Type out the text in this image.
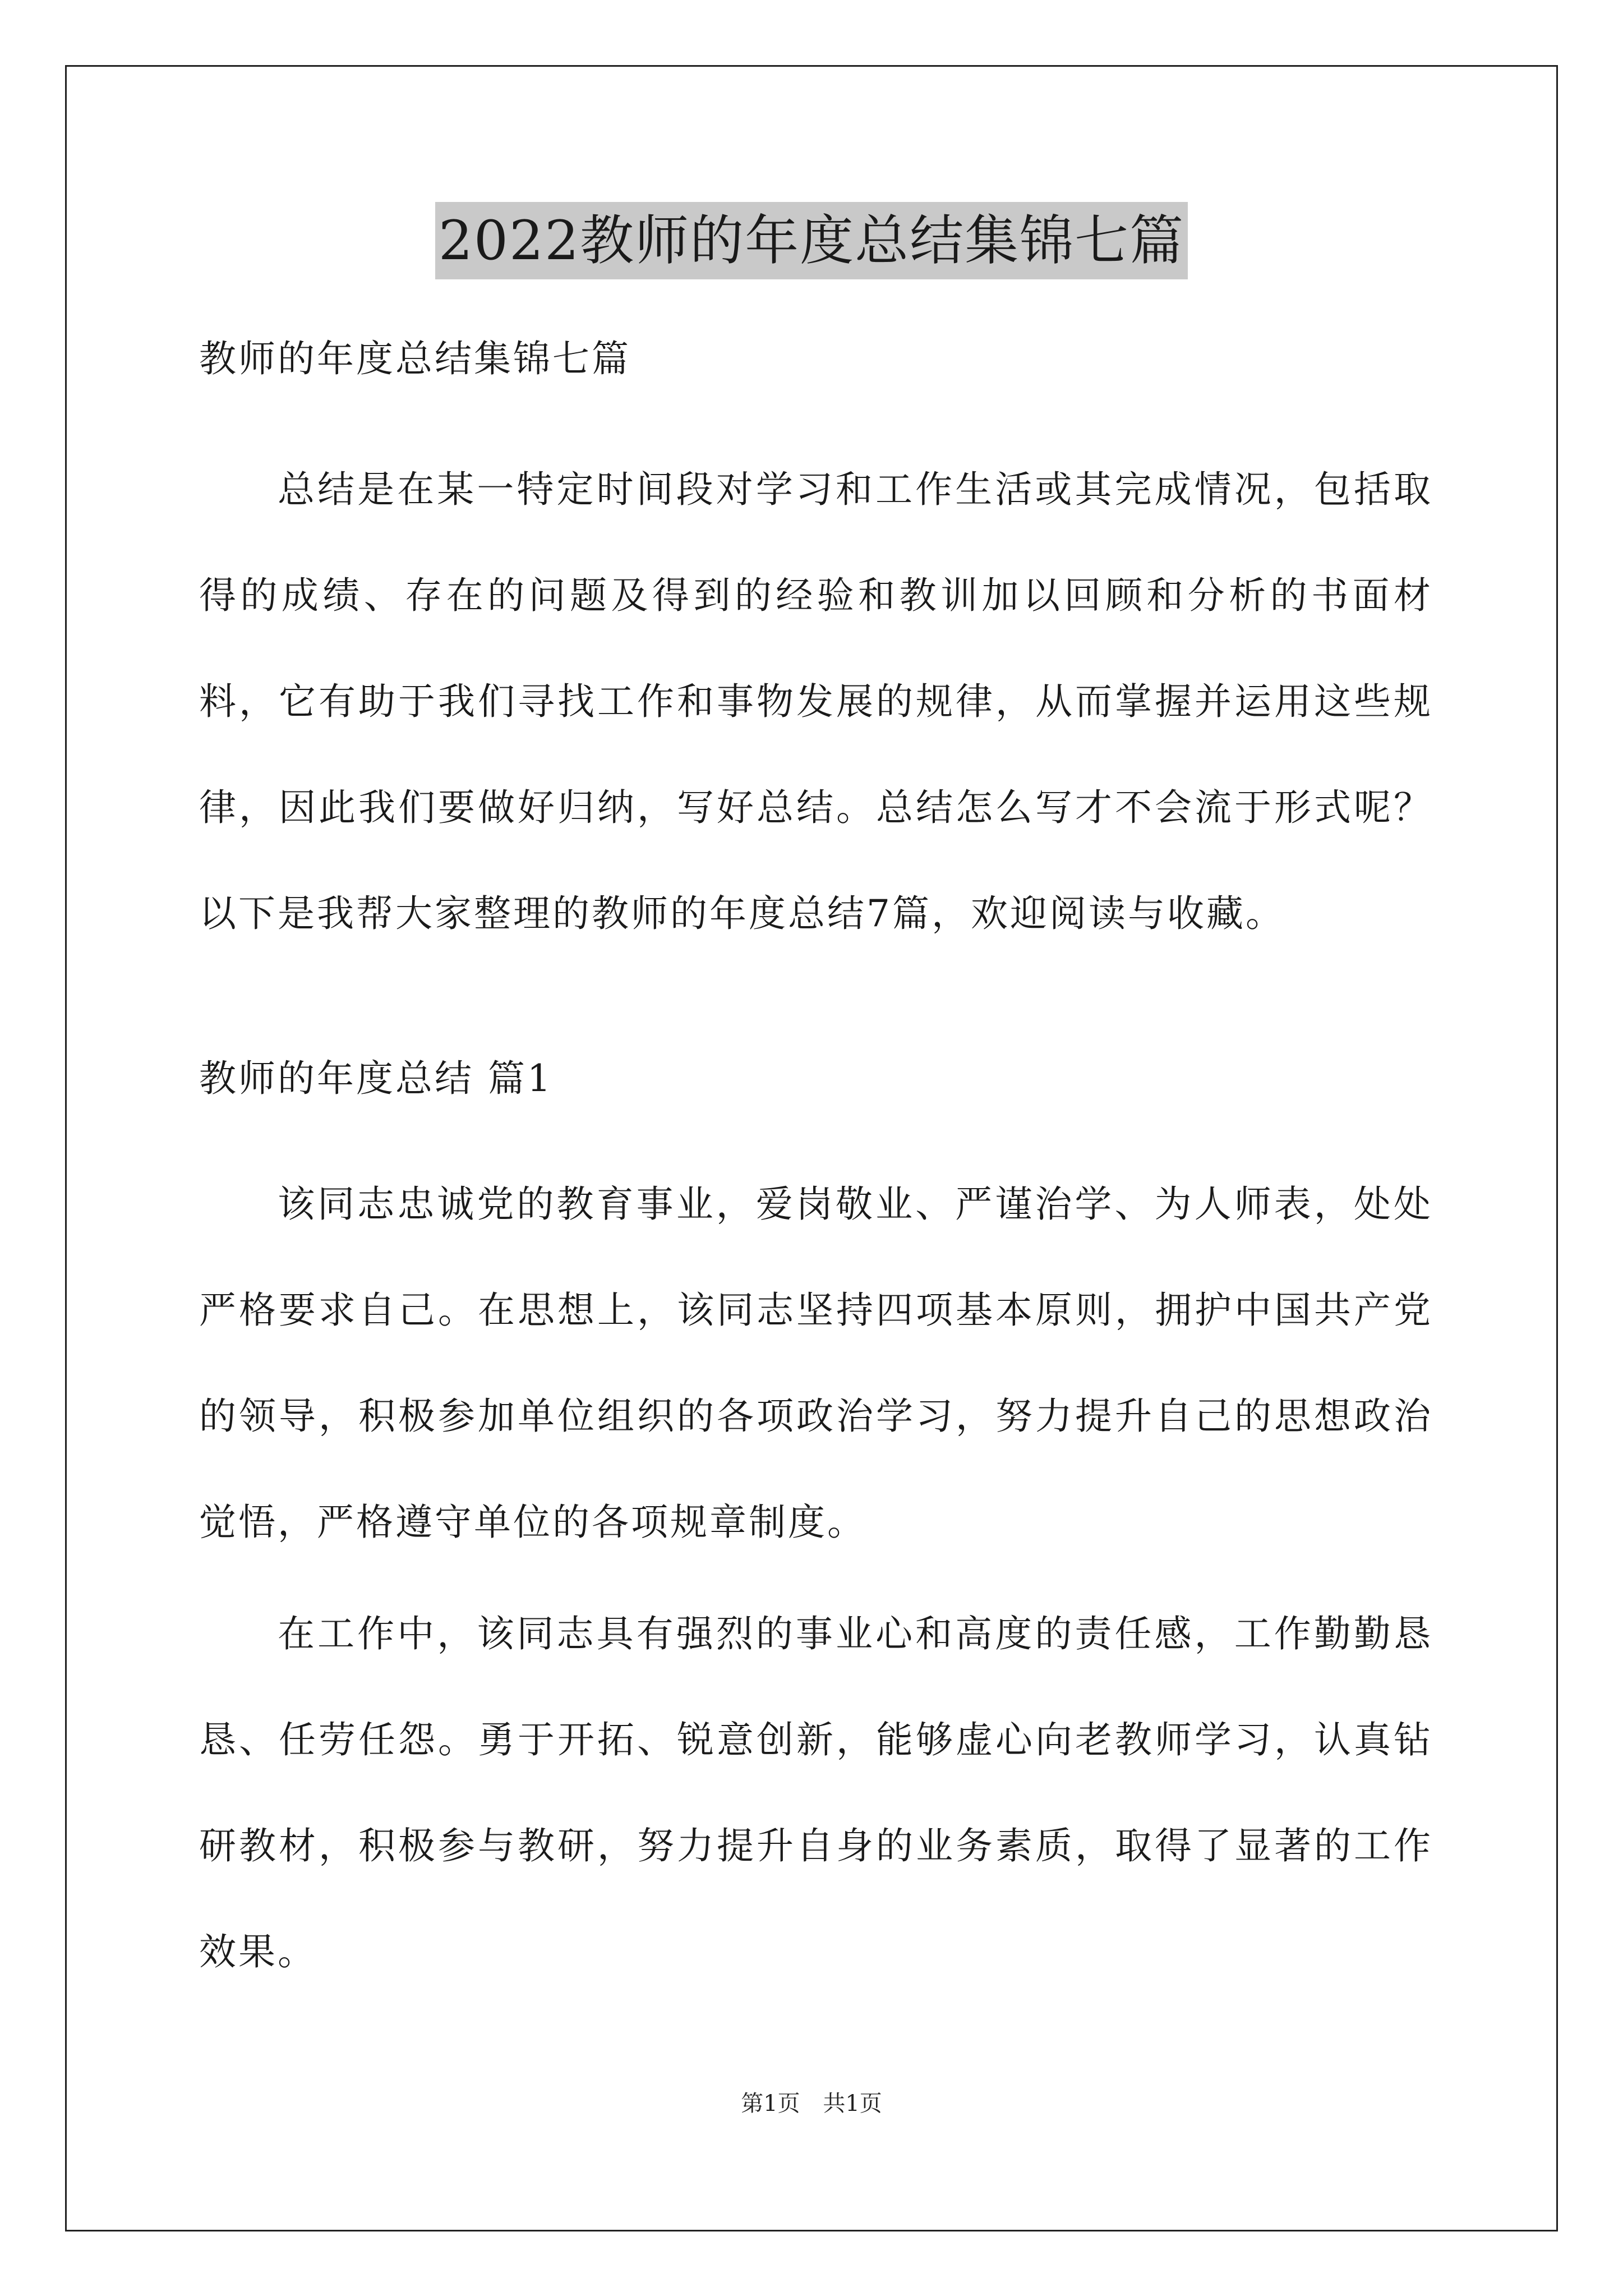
2022教师的年度总结集锦七篇

教师的年度总结集锦七篇

总结是在某一特定时间段对学习和工作生活或其完成情况，包括取得的成绩、存在的问题及得到的经验和教训加以回顾和分析的书面材料，它有助于我们寻找工作和事物发展的规律，从而掌握并运用这些规律，因此我们要做好归纳，写好总结。总结怎么写才不会流于形式呢？以下是我帮大家整理的教师的年度总结7篇，欢迎阅读与收藏。

教师的年度总结 篇1

该同志忠诚党的教育事业，爱岗敬业、严谨治学、为人师表，处处严格要求自己。在思想上，该同志坚持四项基本原则，拥护中国共产党的领导，积极参加单位组织的各项政治学习，努力提升自己的思想政治觉悟，严格遵守单位的各项规章制度。

在工作中，该同志具有强烈的事业心和高度的责任感，工作勤勤恳恳、任劳任怨。勇于开拓、锐意创新，能够虚心向老教师学习，认真钻研教材，积极参与教研，努力提升自身的业务素质，取得了显著的工作效果。

第1页 共1页
